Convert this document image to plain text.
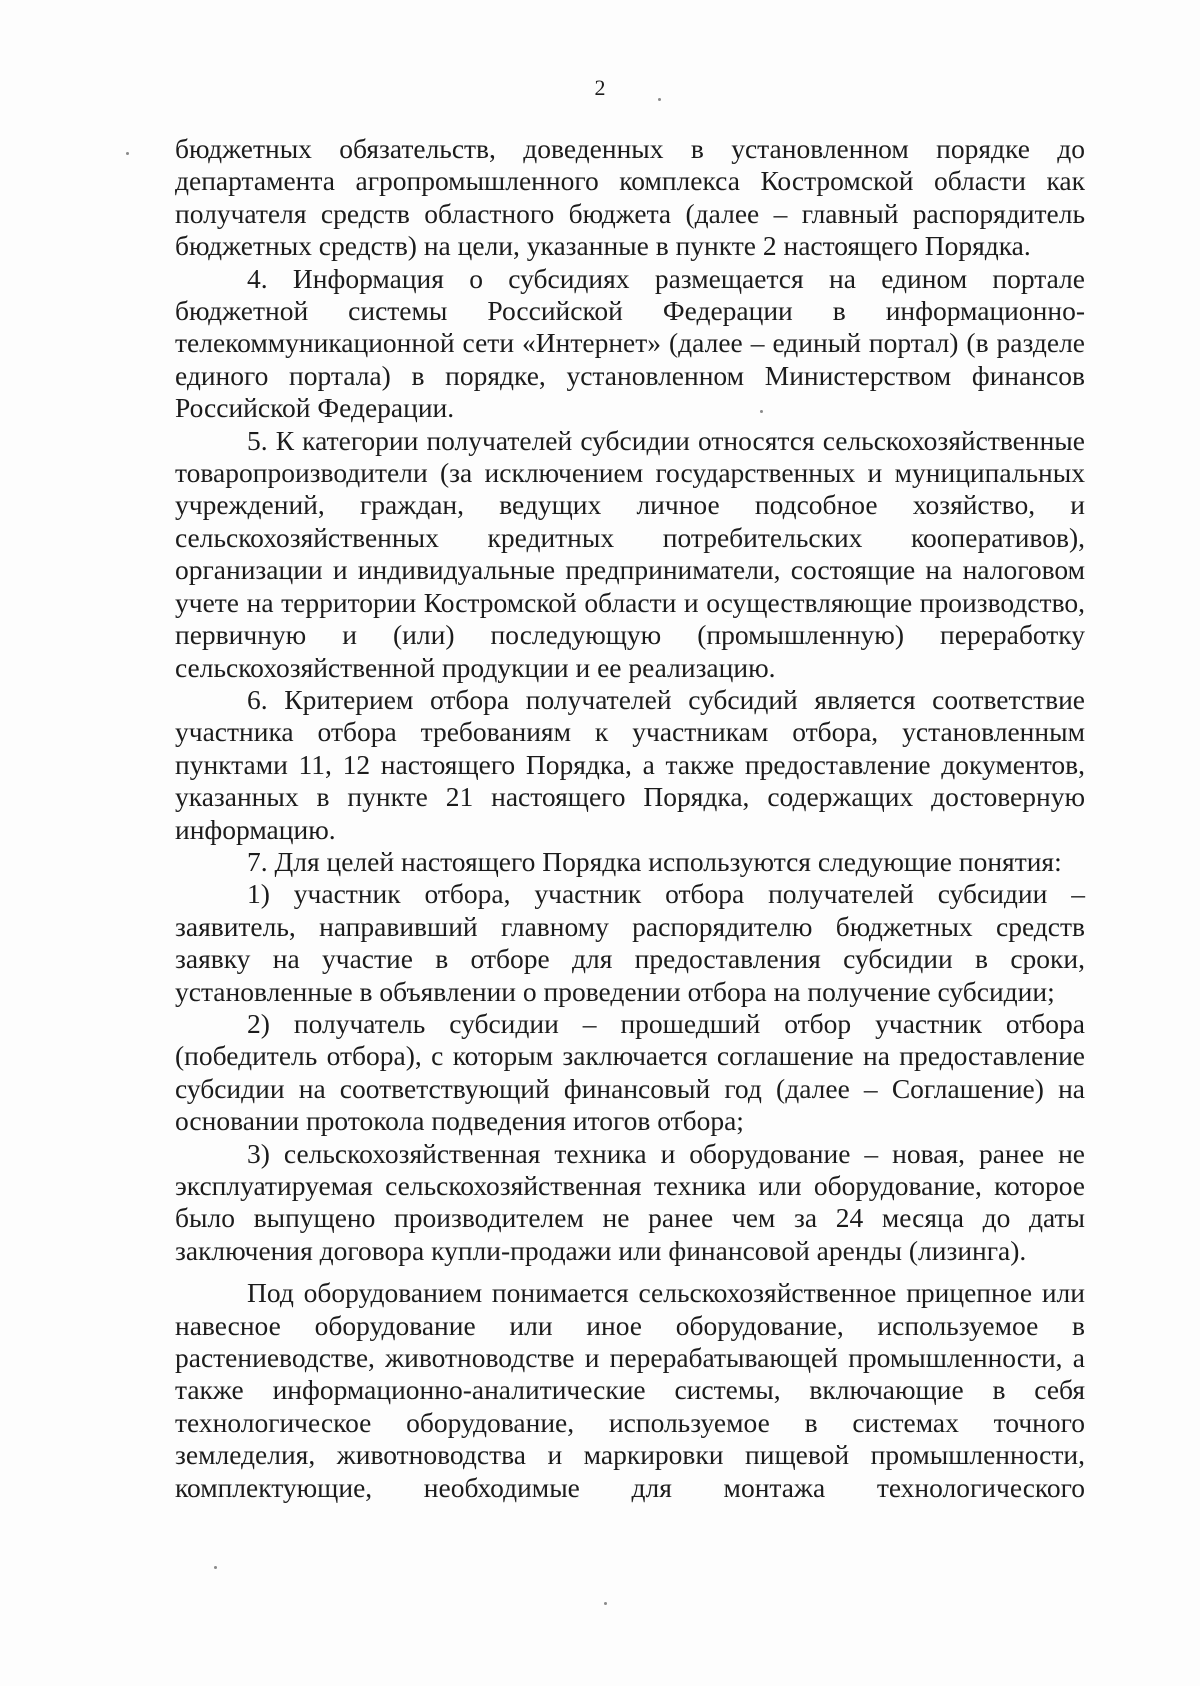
2

бюджетных обязательств, доведенных в установленном порядке до департамента агропромышленного комплекса Костромской области как получателя средств областного бюджета (далее – главный распорядитель бюджетных средств) на цели, указанные в пункте 2 настоящего Порядка.

4. Информация о субсидиях размещается на едином портале бюджетной системы Российской Федерации в информационно-телекоммуникационной сети «Интернет» (далее – единый портал) (в разделе единого портала) в порядке, установленном Министерством финансов Российской Федерации.

5. К категории получателей субсидии относятся сельскохозяйственные товаропроизводители (за исключением государственных и муниципальных учреждений, граждан, ведущих личное подсобное хозяйство, и сельскохозяйственных кредитных потребительских кооперативов), организации и индивидуальные предприниматели, состоящие на налоговом учете на территории Костромской области и осуществляющие производство, первичную и (или) последующую (промышленную) переработку сельскохозяйственной продукции и ее реализацию.

6. Критерием отбора получателей субсидий является соответствие участника отбора требованиям к участникам отбора, установленным пунктами 11, 12 настоящего Порядка, а также предоставление документов, указанных в пункте 21 настоящего Порядка, содержащих достоверную информацию.

7. Для целей настоящего Порядка используются следующие понятия:

1) участник отбора, участник отбора получателей субсидии – заявитель, направивший главному распорядителю бюджетных средств заявку на участие в отборе для предоставления субсидии в сроки, установленные в объявлении о проведении отбора на получение субсидии;

2) получатель субсидии – прошедший отбор участник отбора (победитель отбора), с которым заключается соглашение на предоставление субсидии на соответствующий финансовый год (далее – Соглашение) на основании протокола подведения итогов отбора;

3) сельскохозяйственная техника и оборудование – новая, ранее не эксплуатируемая сельскохозяйственная техника или оборудование, которое было выпущено производителем не ранее чем за 24 месяца до даты заключения договора купли-продажи или финансовой аренды (лизинга).

Под оборудованием понимается сельскохозяйственное прицепное или навесное оборудование или иное оборудование, используемое в растениеводстве, животноводстве и перерабатывающей промышленности, а также информационно-аналитические системы, включающие в себя технологическое оборудование, используемое в системах точного земледелия, животноводства и маркировки пищевой промышленности, комплектующие, необходимые для монтажа технологического
